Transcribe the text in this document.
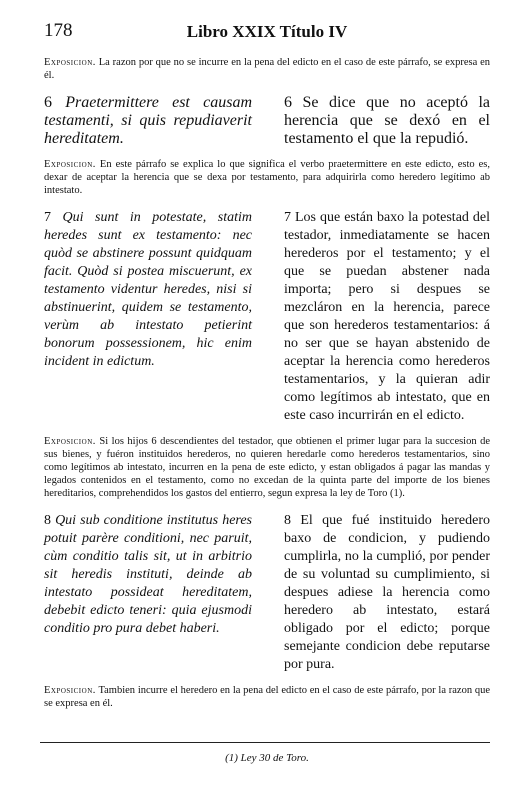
178	Libro XXIX Título IV

Exposicion. La razon por que no se incurre en la pena del edicto en el caso de este párrafo, se expresa en él.

6 Praetermittere est causam testamenti, si quis repudiaverit hereditatem.
6 Se dice que no aceptó la herencia que se dexó en el testamento el que la repudió.

Exposicion. En este párrafo se explica lo que significa el verbo praetermittere en este edicto, esto es, dexar de aceptar la herencia que se dexa por testamento, para adquirirla como heredero legítimo ab intestato.

7 Qui sunt in potestate, statim heredes sunt ex testamento: nec quòd se abstinere possunt quidquam facit. Quòd si postea miscuerunt, ex testamento videntur heredes, nisi si abstinuerint, quidem se testamento, verùm ab intestato petierint bonorum possessionem, hic enim incident in edictum.
7 Los que están baxo la potestad del testador, inmediatamente se hacen herederos por el testamento; y el que se puedan abstener nada importa; pero si despues se mezcláron en la herencia, parece que son herederos testamentarios: á no ser que se hayan abstenido de aceptar la herencia como herederos testamentarios, y la quieran adir como legítimos ab intestato, que en este caso incurrirán en el edicto.

Exposicion. Si los hijos 6 descendientes del testador, que obtienen el primer lugar para la succesion de sus bienes, y fuéron instituidos herederos, no quieren heredarle como herederos testamentarios, sino como legítimos ab intestato, incurren en la pena de este edicto, y estan obligados á pagar las mandas y legados contenidos en el testamento, como no excedan de la quinta parte del importe de los bienes hereditarios, comprehendidos los gastos del entierro, segun expresa la ley de Toro (1).

8 Qui sub conditione institutus heres potuit parère conditioni, nec paruit, cùm conditio talis sit, ut in arbitrio sit heredis instituti, deinde ab intestato possideat hereditatem, debebit edicto teneri: quia ejusmodi conditio pro pura debet haberi.
8 El que fué instituido heredero baxo de condicion, y pudiendo cumplirla, no la cumplió, por pender de su voluntad su cumplimiento, si despues adiese la herencia como heredero ab intestato, estará obligado por el edicto; porque semejante condicion debe reputarse por pura.

Exposicion. Tambien incurre el heredero en la pena del edicto en el caso de este párrafo, por la razon que se expresa en él.

(1) Ley 30 de Toro.
